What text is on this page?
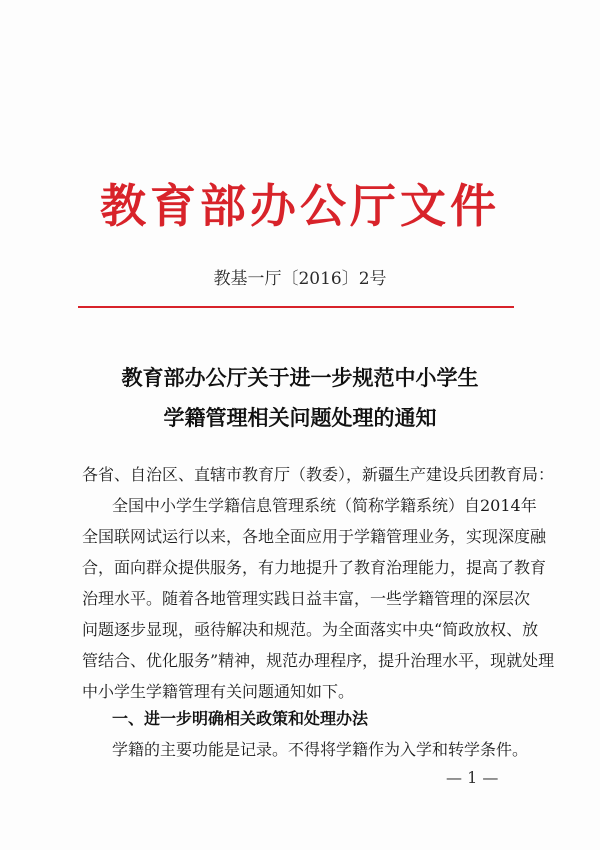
教育部办公厅文件
教基一厅〔2016〕2号
教育部办公厅关于进一步规范中小学生
学籍管理相关问题处理的通知
各省、自治区、直辖市教育厅（教委），新疆生产建设兵团教育局：
全国中小学生学籍信息管理系统（简称学籍系统）自2014年
全国联网试运行以来，各地全面应用于学籍管理业务，实现深度融
合，面向群众提供服务，有力地提升了教育治理能力，提高了教育
治理水平。随着各地管理实践日益丰富，一些学籍管理的深层次
问题逐步显现，亟待解决和规范。为全面落实中央“简政放权、放
管结合、优化服务”精神，规范办理程序，提升治理水平，现就处理
中小学生学籍管理有关问题通知如下。
一、进一步明确相关政策和处理办法
学籍的主要功能是记录。不得将学籍作为入学和转学条件。
— 1 —
